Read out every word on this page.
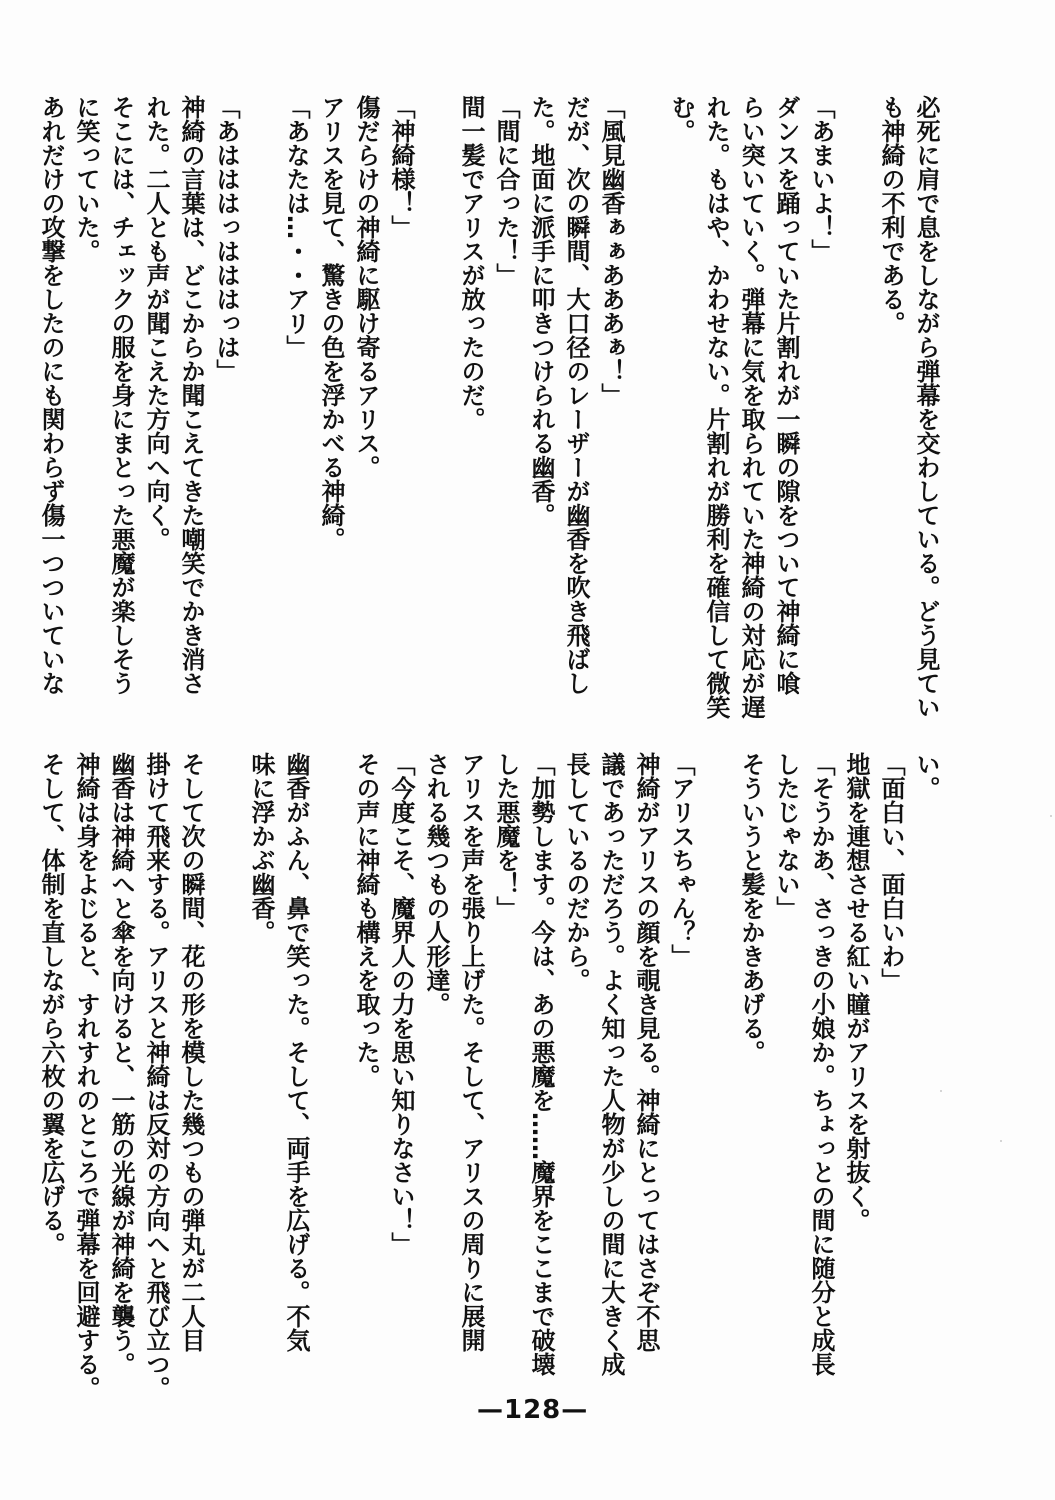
必死に肩で息をしながら弾幕を交わしている。どう見てい
も神綺の不利である。

「あまいよ！」
ダンスを踊っていた片割れが一瞬の隙をついて神綺に喰
らい突いていく。弾幕に気を取られていた神綺の対応が遅
れた。もはや、かわせない。片割れが勝利を確信して微笑
む。

「風見幽香ぁぁあああぁ！」
だが、次の瞬間、大口径のレーザーが幽香を吹き飛ばし
た。地面に派手に叩きつけられる幽香。
「間に合った！」
間一髪でアリスが放ったのだ。

「神綺様！」
傷だらけの神綺に駆け寄るアリス。
アリスを見て、驚きの色を浮かべる神綺。
「あなたは…・・アリ」

「あはははっはははっは」
神綺の言葉は、どこからか聞こえてきた嘲笑でかき消さ
れた。二人とも声が聞こえた方向へ向く。
そこには、チェックの服を身にまとった悪魔が楽しそう
に笑っていた。
あれだけの攻撃をしたのにも関わらず傷一つついていな
い。
「面白い、面白いわ」
地獄を連想させる紅い瞳がアリスを射抜く。
「そうかあ、さっきの小娘か。ちょっとの間に随分と成長
したじゃない」
そういうと髪をかきあげる。

「アリスちゃん？」
神綺がアリスの顔を覗き見る。神綺にとってはさぞ不思
議であっただろう。よく知った人物が少しの間に大きく成
長しているのだから。
「加勢します。今は、あの悪魔を……魔界をここまで破壊
した悪魔を！」
アリスを声を張り上げた。そして、アリスの周りに展開
される幾つもの人形達。
「今度こそ、魔界人の力を思い知りなさい！」
その声に神綺も構えを取った。

幽香がふん、鼻で笑った。そして、両手を広げる。不気
味に浮かぶ幽香。

そして次の瞬間、花の形を模した幾つもの弾丸が二人目
掛けて飛来する。アリスと神綺は反対の方向へと飛び立つ。
幽香は神綺へと傘を向けると、一筋の光線が神綺を襲う。
神綺は身をよじると、すれすれのところで弾幕を回避する。
そして、体制を直しながら六枚の翼を広げる。
—128—
